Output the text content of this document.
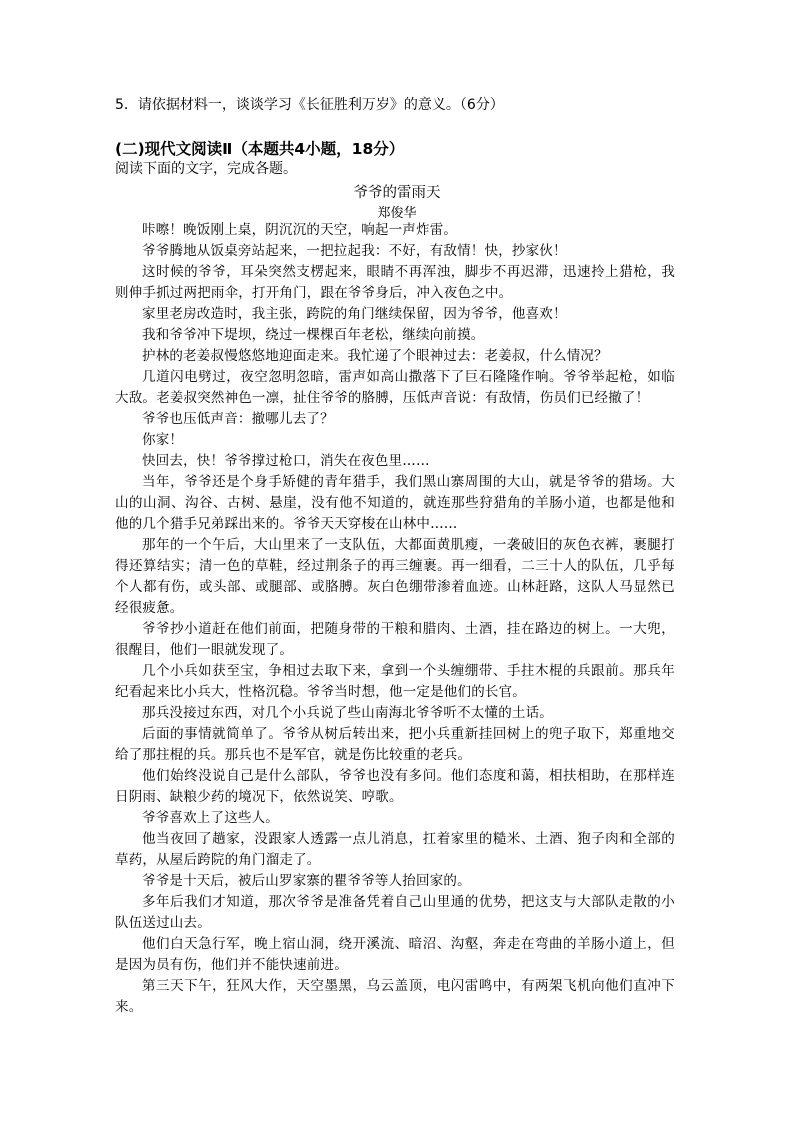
5．请依据材料一，谈谈学习《长征胜利万岁》的意义。（6分）
(二)现代文阅读Ⅱ（本题共4小题，18分）
阅读下面的文字，完成各题。
爷爷的雷雨天
郑俊华

咔嚓！晚饭刚上桌，阴沉沉的天空，响起一声炸雷。

爷爷腾地从饭桌旁站起来，一把拉起我：不好，有敌情！快，抄家伙！

这时候的爷爷，耳朵突然支楞起来，眼睛不再浑浊，脚步不再迟滞，迅速拎上猎枪，我则伸手抓过两把雨伞，打开角门，跟在爷爷身后，冲入夜色之中。

家里老房改造时，我主张，跨院的角门继续保留，因为爷爷，他喜欢！

我和爷爷冲下堤坝，绕过一棵棵百年老松，继续向前摸。

护林的老姜叔慢悠悠地迎面走来。我忙递了个眼神过去：老姜叔，什么情况？

几道闪电劈过，夜空忽明忽暗，雷声如高山撒落下了巨石隆隆作响。爷爷举起枪，如临大敌。老姜叔突然神色一凛，扯住爷爷的胳膊，压低声音说：有敌情，伤员们已经撤了！

爷爷也压低声音：撤哪儿去了？

你家！

快回去，快！爷爷撑过枪口，消失在夜色里……

当年，爷爷还是个身手矫健的青年猎手，我们黑山寨周围的大山，就是爷爷的猎场。大山的山洞、沟谷、古树、悬崖，没有他不知道的，就连那些狩猎角的羊肠小道，也都是他和他的几个猎手兄弟踩出来的。爷爷天天穿梭在山林中……

那年的一个午后，大山里来了一支队伍，大都面黄肌瘦，一袭破旧的灰色衣裤，裹腿打得还算结实；清一色的草鞋，经过荆条子的再三缠裹。再一细看，二三十人的队伍，几乎每个人都有伤，或头部、或腿部、或胳膊。灰白色绷带渗着血迹。山林赶路，这队人马显然已经很疲惫。

爷爷抄小道赶在他们前面，把随身带的干粮和腊肉、土酒，挂在路边的树上。一大兜，很醒目，他们一眼就发现了。

几个小兵如获至宝，争相过去取下来，拿到一个头缠绷带、手拄木棍的兵跟前。那兵年纪看起来比小兵大，性格沉稳。爷爷当时想，他一定是他们的长官。

那兵没接过东西，对几个小兵说了些山南海北爷爷听不太懂的土话。

后面的事情就简单了。爷爷从树后转出来，把小兵重新挂回树上的兜子取下，郑重地交给了那拄棍的兵。那兵也不是军官，就是伤比较重的老兵。

他们始终没说自己是什么部队，爷爷也没有多问。他们态度和蔼，相扶相助，在那样连日阴雨、缺粮少药的境况下，依然说笑、哼歌。

爷爷喜欢上了这些人。

他当夜回了趟家，没跟家人透露一点儿消息，扛着家里的糙米、土酒、狍子肉和全部的草药，从屋后跨院的角门溜走了。

爷爷是十天后，被后山罗家寨的瞿爷爷等人抬回家的。

多年后我们才知道，那次爷爷是准备凭着自己山里通的优势，把这支与大部队走散的小队伍送过山去。

他们白天急行军，晚上宿山洞，绕开溪流、暗沼、沟壑，奔走在弯曲的羊肠小道上，但是因为员有伤，他们并不能快速前进。

第三天下午，狂风大作，天空墨黑，乌云盖顶，电闪雷鸣中，有两架飞机向他们直冲下来。
